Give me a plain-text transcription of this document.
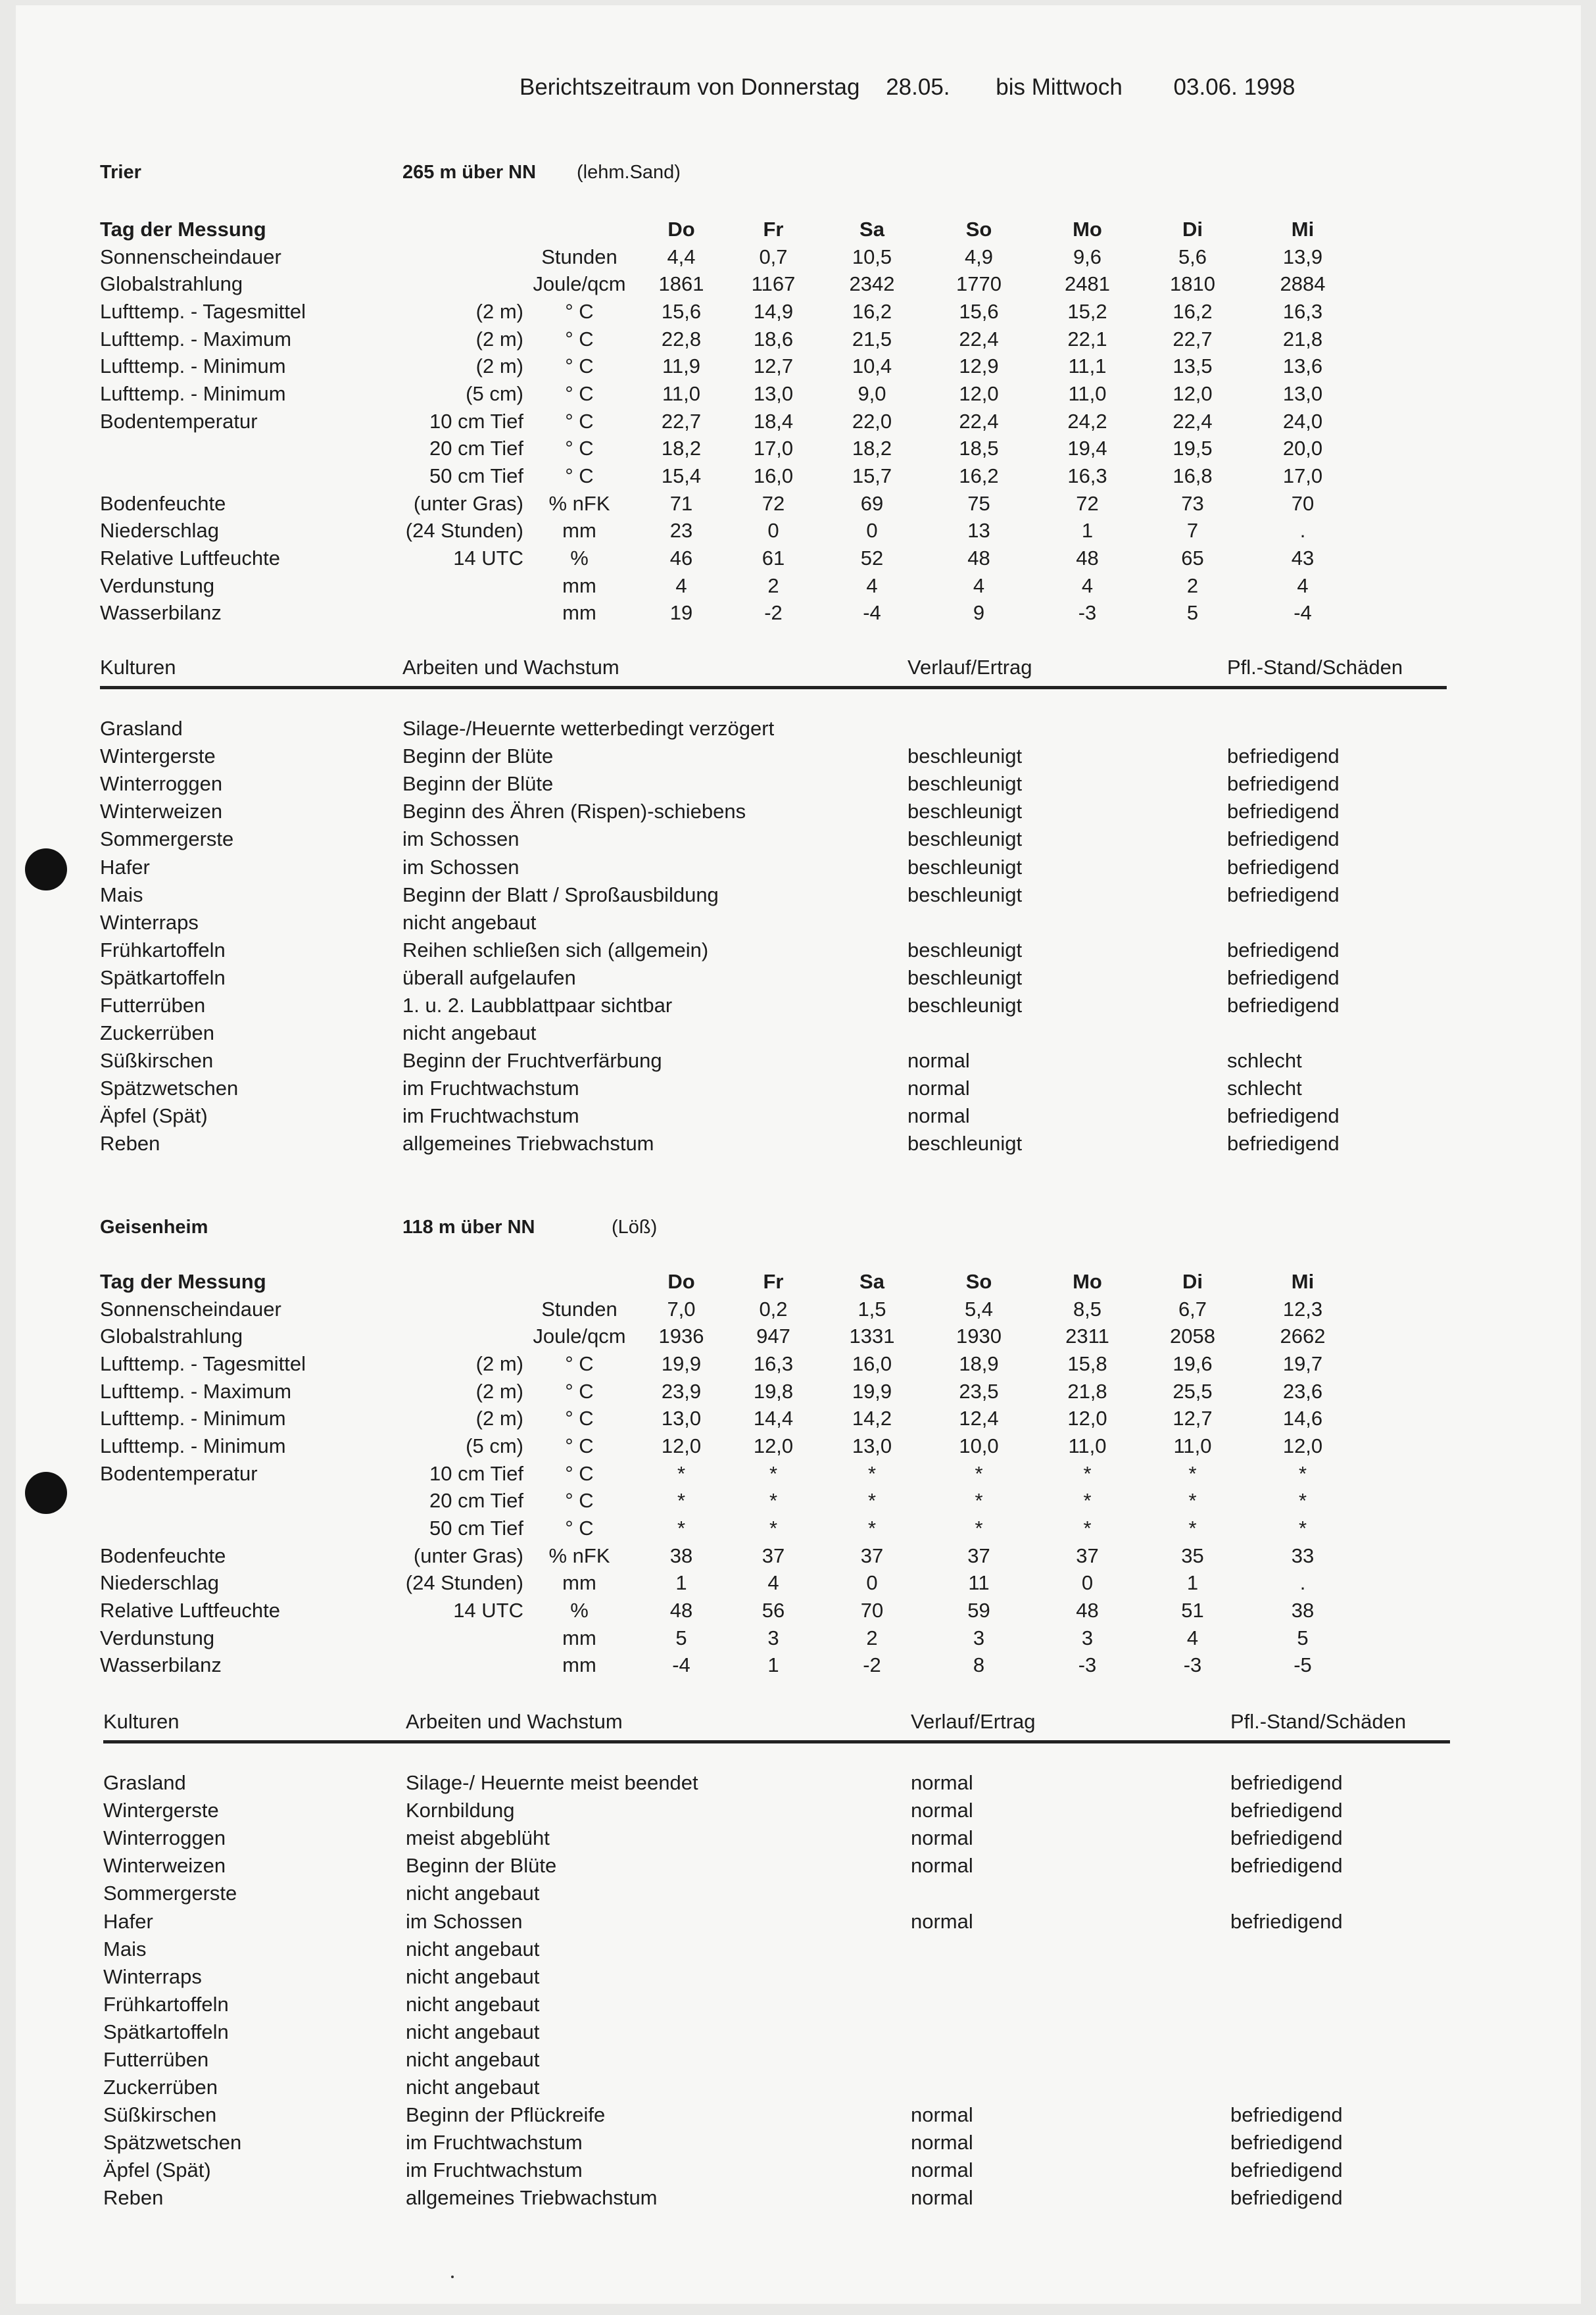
Berichtszeitraum von Donnerstag 28.05. bis Mittwoch 03.06. 1998
Trier	265 m über NN (lehm.Sand)
Tag der Messung			Do	Fr	Sa	So	Mo	Di	Mi
Sonnenscheindauer		Stunden	4,4	0,7	10,5	4,9	9,6	5,6	13,9
Globalstrahlung		Joule/qcm	1861	1167	2342	1770	2481	1810	2884
Lufttemp. - Tagesmittel	(2 m)	° C	15,6	14,9	16,2	15,6	15,2	16,2	16,3
Lufttemp. - Maximum	(2 m)	° C	22,8	18,6	21,5	22,4	22,1	22,7	21,8
Lufttemp. - Minimum	(2 m)	° C	11,9	12,7	10,4	12,9	11,1	13,5	13,6
Lufttemp. - Minimum	(5 cm)	° C	11,0	13,0	9,0	12,0	11,0	12,0	13,0
Bodentemperatur	10 cm Tief	° C	22,7	18,4	22,0	22,4	24,2	22,4	24,0
	20 cm Tief	° C	18,2	17,0	18,2	18,5	19,4	19,5	20,0
	50 cm Tief	° C	15,4	16,0	15,7	16,2	16,3	16,8	17,0
Bodenfeuchte	(unter Gras)	% nFK	71	72	69	75	72	73	70
Niederschlag	(24 Stunden)	mm	23	0	0	13	1	7	.
Relative Luftfeuchte	14 UTC	%	46	61	52	48	48	65	43
Verdunstung		mm	4	2	4	4	4	2	4
Wasserbilanz		mm	19	-2	-4	9	-3	5	-4
Kulturen	Arbeiten und Wachstum	Verlauf/Ertrag	Pfl.-Stand/Schäden
Grasland	Silage-/Heuernte wetterbedingt verzögert		
Wintergerste	Beginn der Blüte	beschleunigt	befriedigend
Winterroggen	Beginn der Blüte	beschleunigt	befriedigend
Winterweizen	Beginn des Ähren (Rispen)-schiebens	beschleunigt	befriedigend
Sommergerste	im Schossen	beschleunigt	befriedigend
Hafer	im Schossen	beschleunigt	befriedigend
Mais	Beginn der Blatt / Sproßausbildung	beschleunigt	befriedigend
Winterraps	nicht angebaut		
Frühkartoffeln	Reihen schließen sich (allgemein)	beschleunigt	befriedigend
Spätkartoffeln	überall aufgelaufen	beschleunigt	befriedigend
Futterrüben	1. u. 2. Laubblattpaar sichtbar	beschleunigt	befriedigend
Zuckerrüben	nicht angebaut		
Süßkirschen	Beginn der Fruchtverfärbung	normal	schlecht
Spätzwetschen	im Fruchtwachstum	normal	schlecht
Äpfel (Spät)	im Fruchtwachstum	normal	befriedigend
Reben	allgemeines Triebwachstum	beschleunigt	befriedigend
Geisenheim	118 m über NN	(Löß)
Tag der Messung			Do	Fr	Sa	So	Mo	Di	Mi
Sonnenscheindauer		Stunden	7,0	0,2	1,5	5,4	8,5	6,7	12,3
Globalstrahlung		Joule/qcm	1936	947	1331	1930	2311	2058	2662
Lufttemp. - Tagesmittel	(2 m)	° C	19,9	16,3	16,0	18,9	15,8	19,6	19,7
Lufttemp. - Maximum	(2 m)	° C	23,9	19,8	19,9	23,5	21,8	25,5	23,6
Lufttemp. - Minimum	(2 m)	° C	13,0	14,4	14,2	12,4	12,0	12,7	14,6
Lufttemp. - Minimum	(5 cm)	° C	12,0	12,0	13,0	10,0	11,0	11,0	12,0
Bodentemperatur	10 cm Tief	° C	*	*	*	*	*	*	*
	20 cm Tief	° C	*	*	*	*	*	*	*
	50 cm Tief	° C	*	*	*	*	*	*	*
Bodenfeuchte	(unter Gras)	% nFK	38	37	37	37	37	35	33
Niederschlag	(24 Stunden)	mm	1	4	0	11	0	1	.
Relative Luftfeuchte	14 UTC	%	48	56	70	59	48	51	38
Verdunstung		mm	5	3	2	3	3	4	5
Wasserbilanz		mm	-4	1	-2	8	-3	-3	-5
Kulturen	Arbeiten und Wachstum	Verlauf/Ertrag	Pfl.-Stand/Schäden
Grasland	Silage-/ Heuernte meist beendet	normal	befriedigend
Wintergerste	Kornbildung	normal	befriedigend
Winterroggen	meist abgeblüht	normal	befriedigend
Winterweizen	Beginn der Blüte	normal	befriedigend
Sommergerste	nicht angebaut		
Hafer	im Schossen	normal	befriedigend
Mais	nicht angebaut		
Winterraps	nicht angebaut		
Frühkartoffeln	nicht angebaut		
Spätkartoffeln	nicht angebaut		
Futterrüben	nicht angebaut		
Zuckerrüben	nicht angebaut		
Süßkirschen	Beginn der Pflückreife	normal	befriedigend
Spätzwetschen	im Fruchtwachstum	normal	befriedigend
Äpfel (Spät)	im Fruchtwachstum	normal	befriedigend
Reben	allgemeines Triebwachstum	normal	befriedigend
